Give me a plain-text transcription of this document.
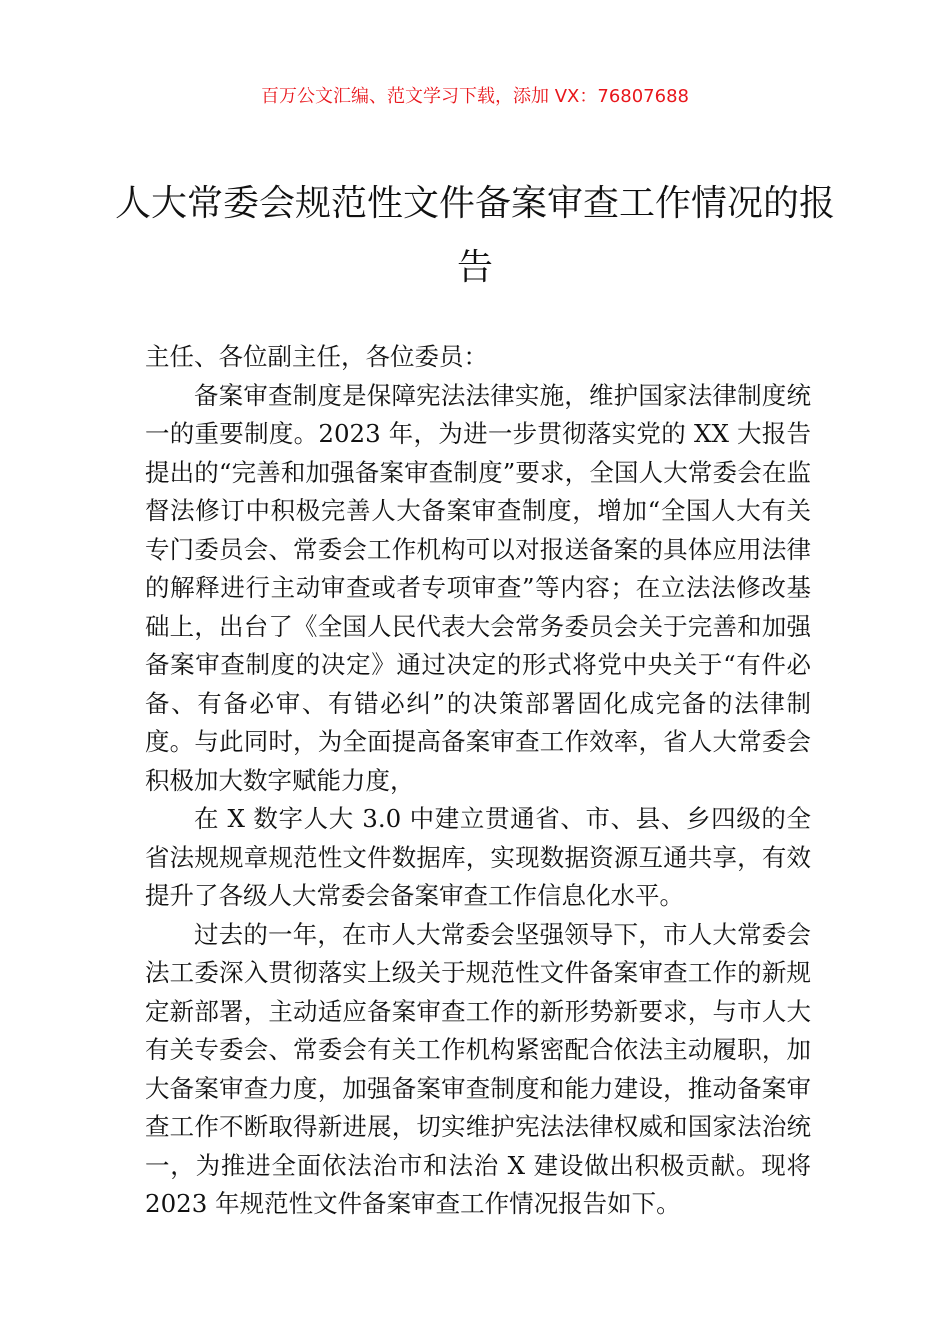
百万公文汇编、范文学习下载，添加 VX：76807688
人大常委会规范性文件备案审查工作情况的报告

主任、各位副主任，各位委员：

备案审查制度是保障宪法法律实施，维护国家法律制度统一的重要制度。2023 年，为进一步贯彻落实党的 XX 大报告提出的“完善和加强备案审查制度”要求，全国人大常委会在监督法修订中积极完善人大备案审查制度，增加“全国人大有关专门委员会、常委会工作机构可以对报送备案的具体应用法律的解释进行主动审查或者专项审查”等内容；在立法法修改基础上，出台了《全国人民代表大会常务委员会关于完善和加强备案审查制度的决定》通过决定的形式将党中央关于“有件必备、有备必审、有错必纠”的决策部署固化成完备的法律制度。与此同时，为全面提高备案审查工作效率，省人大常委会积极加大数字赋能力度，

在 X 数字人大 3.0 中建立贯通省、市、县、乡四级的全省法规规章规范性文件数据库，实现数据资源互通共享，有效提升了各级人大常委会备案审查工作信息化水平。

过去的一年，在市人大常委会坚强领导下，市人大常委会法工委深入贯彻落实上级关于规范性文件备案审查工作的新规定新部署，主动适应备案审查工作的新形势新要求，与市人大有关专委会、常委会有关工作机构紧密配合依法主动履职，加大备案审查力度，加强备案审查制度和能力建设，推动备案审查工作不断取得新进展，切实维护宪法法律权威和国家法治统一，为推进全面依法治市和法治 X 建设做出积极贡献。现将 2023 年规范性文件备案审查工作情况报告如下。
